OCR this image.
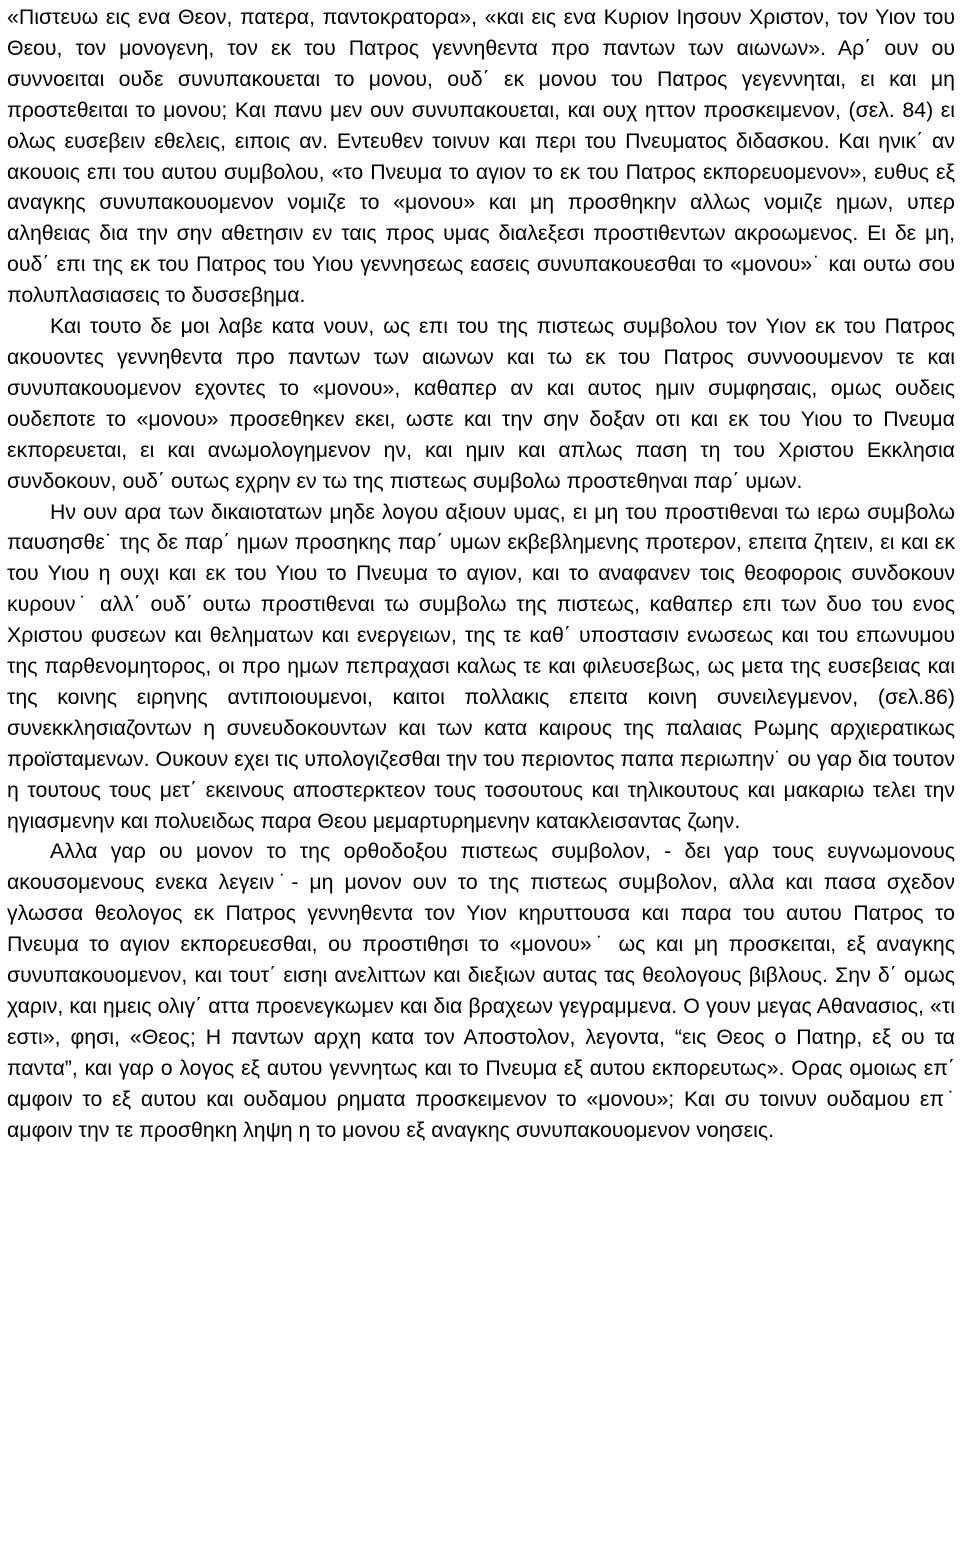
«Πιστευω εις ενα Θεον, πατερα, παντοκρατορα», «και εις ενα Κυριον Ιησουν Χριστον, τον Υιον του Θεου, τον μονογενη, τον εκ του Πατρος γεννηθεντα προ παντων των αιωνων». Αρ΄ ουν ου συννοειται ουδε συνυπακουεται το μονου, ουδ΄ εκ μονου του Πατρος γεγεννηται, ει και μη προστεθειται το μονου; Και πανυ μεν ουν συνυπακουεται, και ουχ ηττον προσκειμενον, (σελ. 84) ει ολως ευσεβειν εθελεις, ειποις αν. Εντευθεν τοινυν και περι του Πνευματος διδασκου. Και ηνικ΄ αν ακουοις επι του αυτου συμβολου, «το Πνευμα το αγιον το εκ του Πατρος εκπορευομενον», ευθυς εξ αναγκης συνυπακουομενον νομιζε το «μονου» και μη προσθηκην αλλως νομιζε ημων, υπερ αληθειας δια την σην αθετησιν εν ταις προς υμας διαλεξεσι προστιθεντων ακροωμενος. Ει δε μη, ουδ΄ επι της εκ του Πατρος του Υιου γεννησεως εασεις συνυπακουεσθαι το «μονου»˙ και ουτω σου πολυπλασιασεις το δυσσεβημα.

Και τουτο δε μοι λαβε κατα νουν, ως επι του της πιστεως συμβολου τον Υιον εκ του Πατρος ακουοντες γεννηθεντα προ παντων των αιωνων και τω εκ του Πατρος συννοουμενον τε και συνυπακουομενον εχοντες το «μονου», καθαπερ αν και αυτος ημιν συμφησαις, ομως ουδεις ουδεποτε το «μονου» προσεθηκεν εκει, ωστε και την σην δοξαν οτι και εκ του Υιου το Πνευμα εκπορευεται, ει και ανωμολογημενον ην, και ημιν και απλως παση τη του Χριστου Εκκλησια συνδοκουν, ουδ΄ ουτως εχρην εν τω της πιστεως συμβολω προστεθηναι παρ΄ υμων.

Ην ουν αρα των δικαιοτατων μηδε λογου αξιουν υμας, ει μη του προστιθεναι τω ιερω συμβολω παυσησθε˙ της δε παρ΄ ημων προσηκης παρ΄ υμων εκβεβλημενης προτερον, επειτα ζητειν, ει και εκ του Υιου η ουχι και εκ του Υιου το Πνευμα το αγιον, και το αναφανεν τοις θεοφοροις συνδοκουν κυρουν˙ αλλ΄ ουδ΄ ουτω προστιθεναι τω συμβολω της πιστεως, καθαπερ επι των δυο του ενος Χριστου φυσεων και θεληματων και ενεργειων, της τε καθ΄ υποστασιν ενωσεως και του επωνυμου της παρθενομητορος, οι προ ημων πεπραχασι καλως τε και φιλευσεβως, ως μετα της ευσεβειας και της κοινης ειρηνης αντιποιουμενοι, καιτοι πολλακις επειτα κοινη συνειλεγμενον, (σελ.86) συνεκκλησιαζοντων η συνευδοκουντων και των κατα καιρους της παλαιας Ρωμης αρχιερατικως προϊσταμενων. Ουκουν εχει τις υπολογιζεσθαι την του περιοντος παπα περιωπην˙ ου γαρ δια τουτον η τουτους τους μετ΄ εκεινους αποστερκτεον τους τοσουτους και τηλικουτους και μακαριω τελει την ηγιασμενην και πολυειδως παρα Θεου μεμαρτυρημενην κατακλεισαντας ζωην.

Αλλα γαρ ου μονον το της ορθοδοξου πιστεως συμβολον, - δει γαρ τους ευγνωμονους ακουσομενους ενεκα λεγειν˙- μη μονον ουν το της πιστεως συμβολον, αλλα και πασα σχεδον γλωσσα θεολογος εκ Πατρος γεννηθεντα τον Υιον κηρυττουσα και παρα του αυτου Πατρος το Πνευμα το αγιον εκπορευεσθαι, ου προστιθησι το «μονου»˙ ως και μη προσκειται, εξ αναγκης συνυπακουομενον, και τουτ΄ εισηι ανελιττων και διεξιων αυτας τας θεολογους βιβλους. Σην δ΄ ομως χαριν, και ημεις ολιγ΄ αττα προενεγκωμεν και δια βραχεων γεγραμμενα. Ο γουν μεγας Αθανασιος, «τι εστι», φησι, «Θεος; Η παντων αρχη κατα τον Αποστολον, λεγοντα, “εις Θεος ο Πατηρ, εξ ου τα παντα”, και γαρ ο λογος εξ αυτου γεννητως και το Πνευμα εξ αυτου εκπορευτως». Ορας ομοιως επ΄ αμφοιν το εξ αυτου και ουδαμου ρηματα προσκειμενον το «μονου»; Και συ τοινυν ουδαμου επ˙ αμφοιν την τε προσθηκη ληψη η το μονου εξ αναγκης συνυπακουομενον νοησεις.
